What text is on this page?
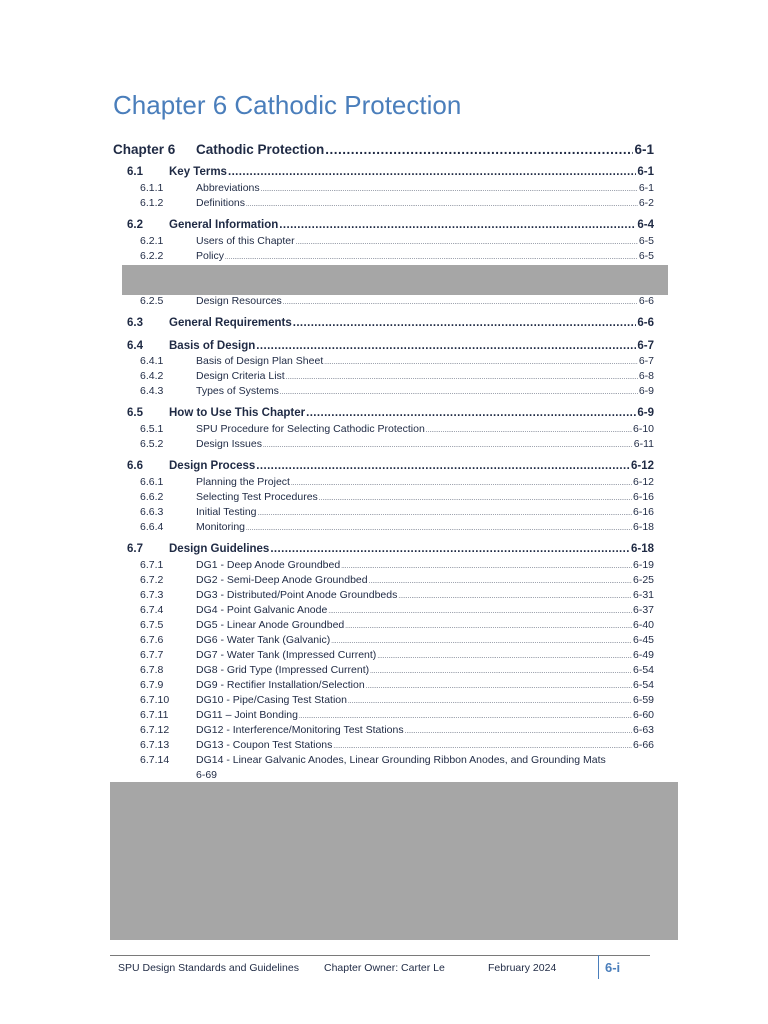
Chapter 6 Cathodic Protection
Chapter 6	Cathodic Protection .....	6-1
6.1	Key Terms .....	6-1
6.1.1	Abbreviations .....	6-1
6.1.2	Definitions .....	6-2
6.2	General Information .....	6-4
6.2.1	Users of this Chapter .....	6-5
6.2.2	Policy .....	6-5
6.2.5	Design Resources .....	6-6
6.3	General Requirements .....	6-6
6.4	Basis of Design .....	6-7
6.4.1	Basis of Design Plan Sheet .....	6-7
6.4.2	Design Criteria List .....	6-8
6.4.3	Types of Systems .....	6-9
6.5	How to Use This Chapter .....	6-9
6.5.1	SPU Procedure for Selecting Cathodic Protection .....	6-10
6.5.2	Design Issues .....	6-11
6.6	Design Process .....	6-12
6.6.1	Planning the Project .....	6-12
6.6.2	Selecting Test Procedures .....	6-16
6.6.3	Initial Testing .....	6-16
6.6.4	Monitoring .....	6-18
6.7	Design Guidelines .....	6-18
6.7.1	DG1 - Deep Anode Groundbed .....	6-19
6.7.2	DG2 - Semi-Deep Anode Groundbed .....	6-25
6.7.3	DG3 - Distributed/Point Anode Groundbeds .....	6-31
6.7.4	DG4 - Point Galvanic Anode .....	6-37
6.7.5	DG5 - Linear Anode Groundbed .....	6-40
6.7.6	DG6 - Water Tank (Galvanic) .....	6-45
6.7.7	DG7 - Water Tank (Impressed Current) .....	6-49
6.7.8	DG8 - Grid Type (Impressed Current) .....	6-54
6.7.9	DG9 - Rectifier Installation/Selection .....	6-54
6.7.10	DG10 - Pipe/Casing Test Station .....	6-59
6.7.11	DG11 – Joint Bonding .....	6-60
6.7.12	DG12 - Interference/Monitoring Test Stations .....	6-63
6.7.13	DG13 - Coupon Test Stations .....	6-66
6.7.14	DG14 - Linear Galvanic Anodes, Linear Grounding Ribbon Anodes, and Grounding Mats
6-69
SPU Design Standards and Guidelines Chapter Owner: Carter Le	February 2024	6-i
